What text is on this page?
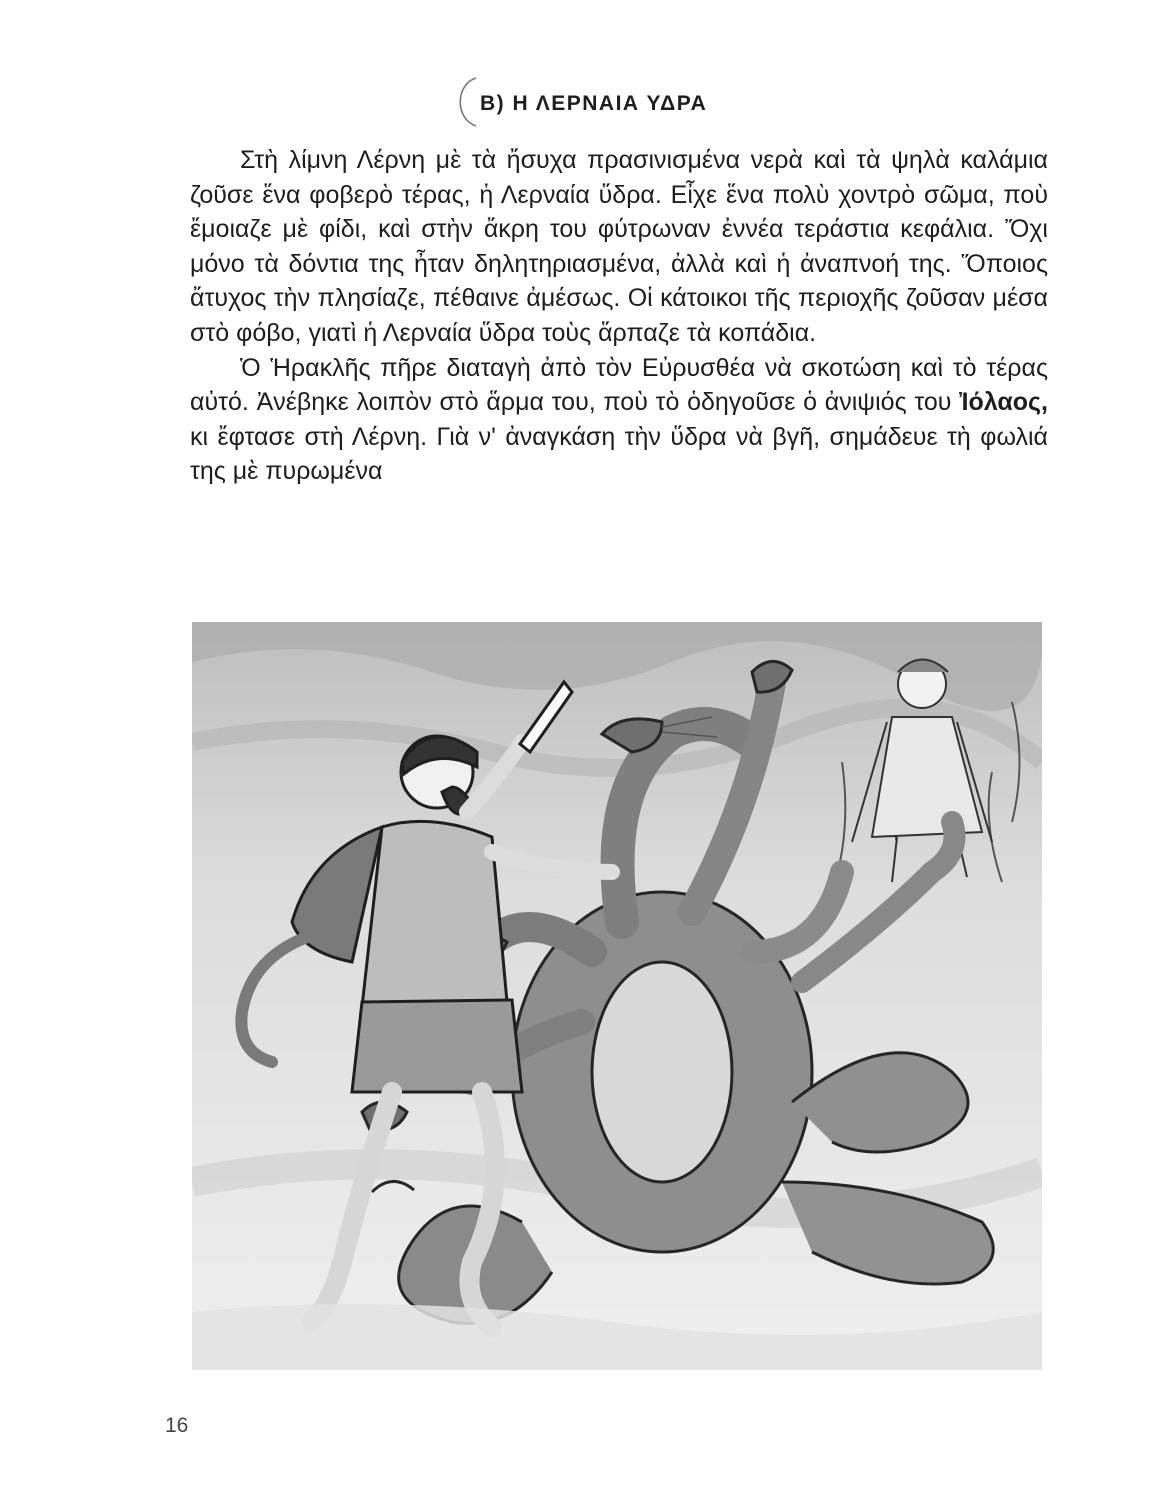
B) Η ΛΕΡΝΑΙΑ ΥΔΡΑ

Στὴ λίμνη Λέρνη μὲ τὰ ἤσυχα πρασινισμένα νερὰ καὶ τὰ ψηλὰ καλάμια ζοῦσε ἕνα φοβερὸ τέρας, ἡ Λερναία ὕδρα. Εἶχε ἕνα πολὺ χοντρὸ σῶμα, ποὺ ἔμοιαζε μὲ φίδι, καὶ στὴν ἄκρη του φύτρωναν ἐννέα τεράστια κεφάλια. Ὄχι μόνο τὰ δόντια της ἦταν δηλητηριασμένα, ἀλλὰ καὶ ἡ ἀναπνοή της. Ὅποιος ἄτυχος τὴν πλησίαζε, πέθαινε ἀμέσως. Οἱ κάτοικοι τῆς περιοχῆς ζοῦσαν μέσα στὸ φόβο, γιατὶ ἡ Λερναία ὕδρα τοὺς ἅρπαζε τὰ κοπάδια.

Ὁ Ἡρακλῆς πῆρε διαταγὴ ἀπὸ τὸν Εὐρυσθέα νὰ σκοτώση καὶ τὸ τέρας αὐτό. Ἀνέβηκε λοιπὸν στὸ ἅρμα του, ποὺ τὸ ὁδηγοῦσε ὁ ἀνιψιός του Ἰόλαος, κι ἔφτασε στὴ Λέρνη. Γιὰ ν' ἀναγκάση τὴν ὕδρα νὰ βγῆ, σημάδευε τὴ φωλιά της μὲ πυρωμένα

16
